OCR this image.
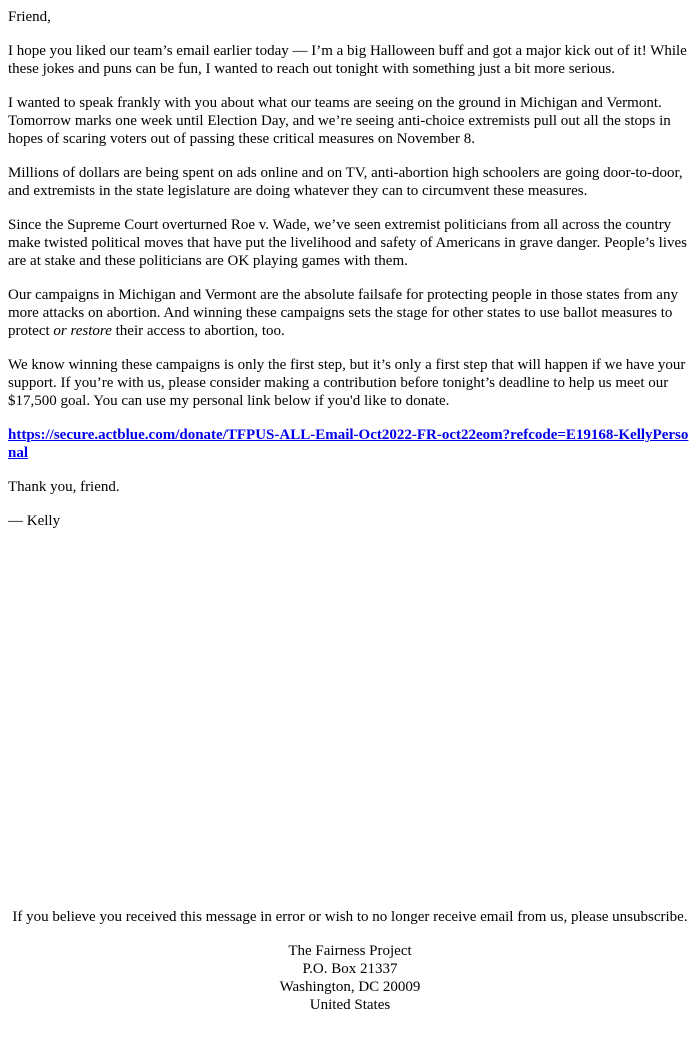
Friend,

I hope you liked our team’s email earlier today — I’m a big Halloween buff and got a major kick out of it! While these jokes and puns can be fun, I wanted to reach out tonight with something just a bit more serious.

I wanted to speak frankly with you about what our teams are seeing on the ground in Michigan and Vermont. Tomorrow marks one week until Election Day, and we’re seeing anti-choice extremists pull out all the stops in hopes of scaring voters out of passing these critical measures on November 8.

Millions of dollars are being spent on ads online and on TV, anti-abortion high schoolers are going door-to-door, and extremists in the state legislature are doing whatever they can to circumvent these measures.

Since the Supreme Court overturned Roe v. Wade, we’ve seen extremist politicians from all across the country make twisted political moves that have put the livelihood and safety of Americans in grave danger. People’s lives are at stake and these politicians are OK playing games with them.

Our campaigns in Michigan and Vermont are the absolute failsafe for protecting people in those states from any more attacks on abortion. And winning these campaigns sets the stage for other states to use ballot measures to protect or restore their access to abortion, too.

We know winning these campaigns is only the first step, but it’s only a first step that will happen if we have your support. If you’re with us, please consider making a contribution before tonight’s deadline to help us meet our $17,500 goal. You can use my personal link below if you'd like to donate.

https://secure.actblue.com/donate/TFPUS-ALL-Email-Oct2022-FR-oct22eom?refcode=E19168-KellyPersonal

Thank you, friend.

— Kelly

If you believe you received this message in error or wish to no longer receive email from us, please unsubscribe.

The Fairness Project
P.O. Box 21337
Washington, DC 20009
United States
